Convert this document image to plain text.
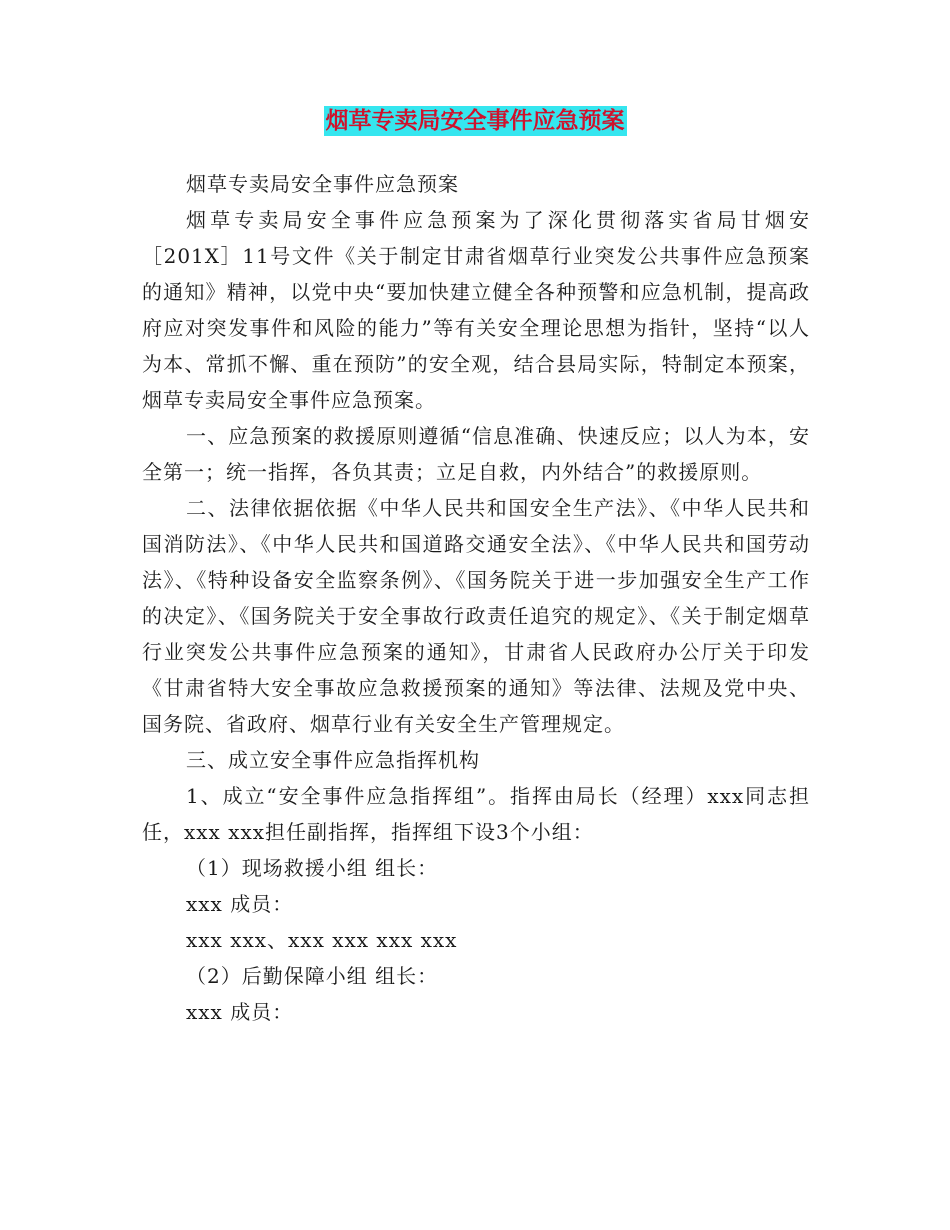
烟草专卖局安全事件应急预案

烟草专卖局安全事件应急预案

烟草专卖局安全事件应急预案为了深化贯彻落实省局甘烟安［201X］11号文件《关于制定甘肃省烟草行业突发公共事件应急预案的通知》精神，以党中央“要加快建立健全各种预警和应急机制，提高政府应对突发事件和风险的能力”等有关安全理论思想为指针，坚持“以人为本、常抓不懈、重在预防”的安全观，结合县局实际，特制定本预案，烟草专卖局安全事件应急预案。

一、应急预案的救援原则遵循“信息准确、快速反应；以人为本，安全第一；统一指挥，各负其责；立足自救，内外结合”的救援原则。

二、法律依据依据《中华人民共和国安全生产法》、《中华人民共和国消防法》、《中华人民共和国道路交通安全法》、《中华人民共和国劳动法》、《特种设备安全监察条例》、《国务院关于进一步加强安全生产工作的决定》、《国务院关于安全事故行政责任追究的规定》、《关于制定烟草行业突发公共事件应急预案的通知》，甘肃省人民政府办公厅关于印发《甘肃省特大安全事故应急救援预案的通知》等法律、法规及党中央、国务院、省政府、烟草行业有关安全生产管理规定。

三、成立安全事件应急指挥机构

1、成立“安全事件应急指挥组”。指挥由局长（经理）xxx同志担任，xxx xxx担任副指挥，指挥组下设3个小组：

（1）现场救援小组 组长：

xxx 成员：

xxx xxx、xxx xxx xxx xxx

（2）后勤保障小组 组长：

xxx 成员：
